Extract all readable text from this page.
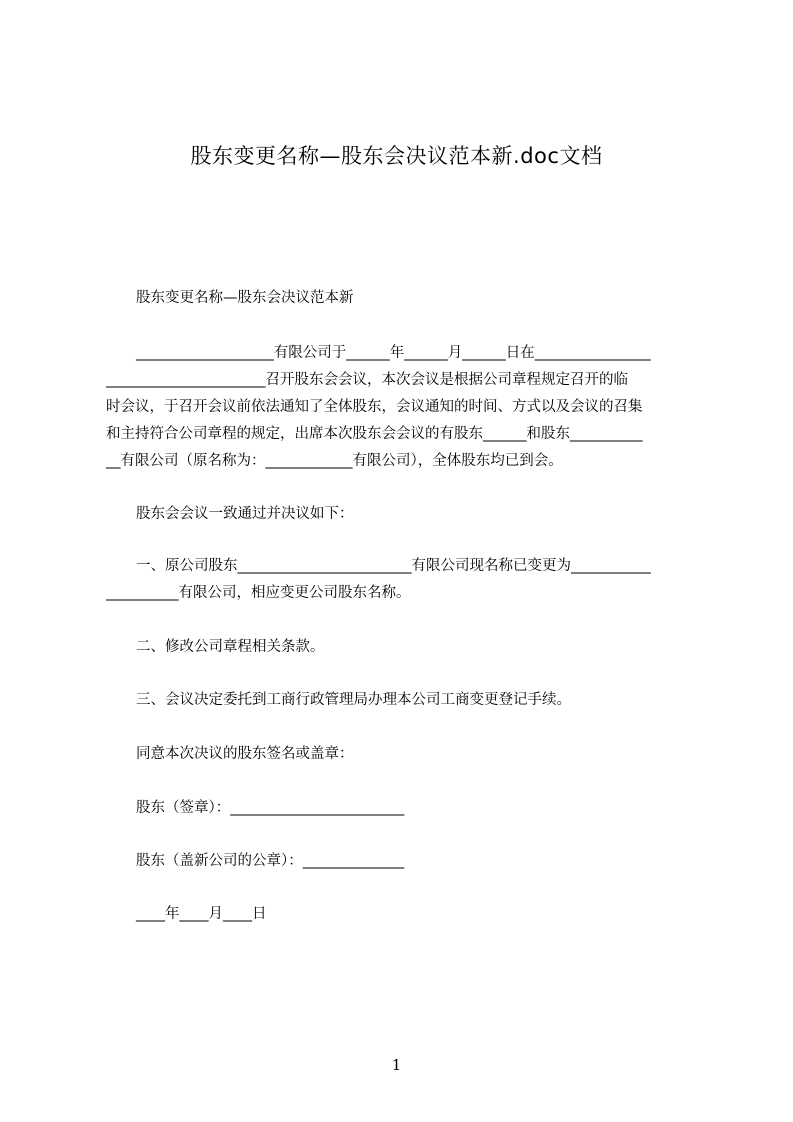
股东变更名称—股东会决议范本新.doc文档
股东变更名称—股东会决议范本新
___________________有限公司于______年______月______日在________________
______________________召开股东会会议，本次会议是根据公司章程规定召开的临
时会议，于召开会议前依法通知了全体股东，会议通知的时间、方式以及会议的召集
和主持符合公司章程的规定，出席本次股东会会议的有股东______和股东__________
__有限公司（原名称为：____________有限公司），全体股东均已到会。
股东会会议一致通过并决议如下：
一、原公司股东________________________有限公司现名称已变更为___________
__________有限公司，相应变更公司股东名称。
二、修改公司章程相关条款。
三、会议决定委托到工商行政管理局办理本公司工商变更登记手续。
同意本次决议的股东签名或盖章：
股东（签章）：________________________
股东（盖新公司的公章）：______________
____年____月____日
1
